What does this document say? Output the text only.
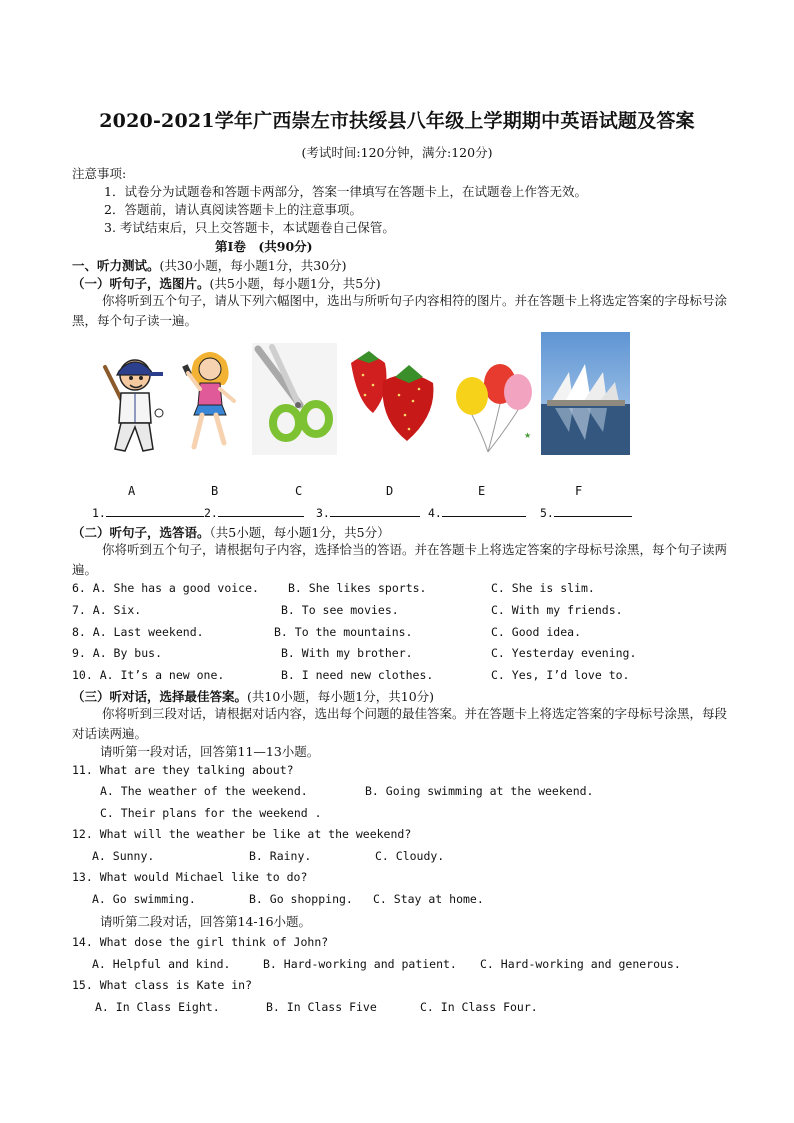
2020-2021学年广西崇左市扶绥县八年级上学期期中英语试题及答案
(考试时间:120分钟，满分:120分)
注意事项:
1．试卷分为试题卷和答题卡两部分，答案一律填写在答题卡上，在试题卷上作答无效。
2．答题前，请认真阅读答题卡上的注意事项。
3. 考试结束后，只上交答题卡，本试题卷自己保管。
第Ⅰ卷　(共90分)
一、听力测试。(共30小题，每小题1分，共30分)
（一）听句子，选图片。(共5小题，每小题1分，共5分)
你将听到五个句子，请从下列六幅图中，选出与所听句子内容相符的图片。并在答题卡上将选定答案的字母标号涂黑，每个句子读一遍。
★
A	B	C	D	E	F
1.	2.	3.	4.	5.
（二）听句子，选答语。（共5小题，每小题1分，共5分）
你将听到五个句子，请根据句子内容，选择恰当的答语。并在答题卡上将选定答案的字母标号涂黑，每个句子读两遍。
6. A. She has a good voice.	B. She likes sports.	C. She is slim.
7. A. Six.	B. To see movies.	C. With my friends.
8. A. Last weekend.	B. To the mountains.	C. Good idea.
9. A. By bus.	B. With my brother.	C. Yesterday evening.
10. A. It’s a new one.	B. I need new clothes.	C. Yes, I’d love to.
（三）听对话，选择最佳答案。(共10小题，每小题1分，共10分)
你将听到三段对话，请根据对话内容，选出每个问题的最佳答案。并在答题卡上将选定答案的字母标号涂黑，每段对话读两遍。
请听第一段对话，回答第11—13小题。
11. What are they talking about?
A. The weather of the weekend.	B. Going swimming at the weekend.
C. Their plans for the weekend .
12. What will the weather be like at the weekend?
A. Sunny.	B. Rainy.	C. Cloudy.
13. What would Michael like to do?
A. Go swimming.	B. Go shopping. C. Stay at home.
请听第二段对话，回答第14-16小题。
14. What dose the girl think of John?
A. Helpful and kind.	B. Hard-working and patient. C. Hard-working and generous.
15. What class is Kate in?
A. In Class Eight.	B. In Class Five	C. In Class Four.
